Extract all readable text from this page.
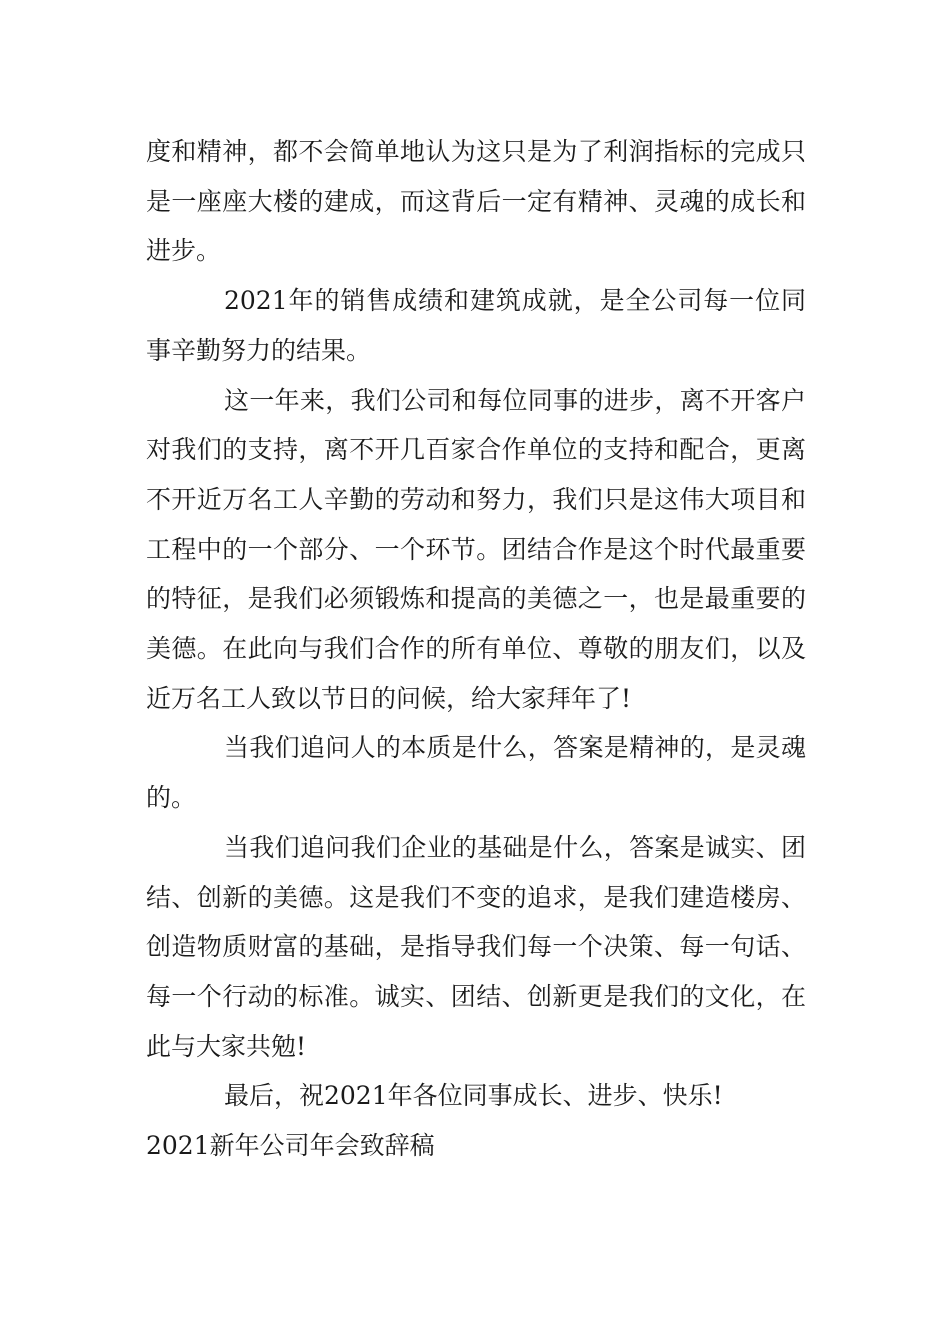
度和精神，都不会简单地认为这只是为了利润指标的完成只是一座座大楼的建成，而这背后一定有精神、灵魂的成长和进步。

2021年的销售成绩和建筑成就，是全公司每一位同事辛勤努力的结果。

这一年来，我们公司和每位同事的进步，离不开客户对我们的支持，离不开几百家合作单位的支持和配合，更离不开近万名工人辛勤的劳动和努力，我们只是这伟大项目和工程中的一个部分、一个环节。团结合作是这个时代最重要的特征，是我们必须锻炼和提高的美德之一，也是最重要的美德。在此向与我们合作的所有单位、尊敬的朋友们，以及近万名工人致以节日的问候，给大家拜年了!

当我们追问人的本质是什么，答案是精神的，是灵魂的。

当我们追问我们企业的基础是什么，答案是诚实、团结、创新的美德。这是我们不变的追求，是我们建造楼房、创造物质财富的基础，是指导我们每一个决策、每一句话、每一个行动的标准。诚实、团结、创新更是我们的文化，在此与大家共勉!

最后，祝2021年各位同事成长、进步、快乐!

2021新年公司年会致辞稿
